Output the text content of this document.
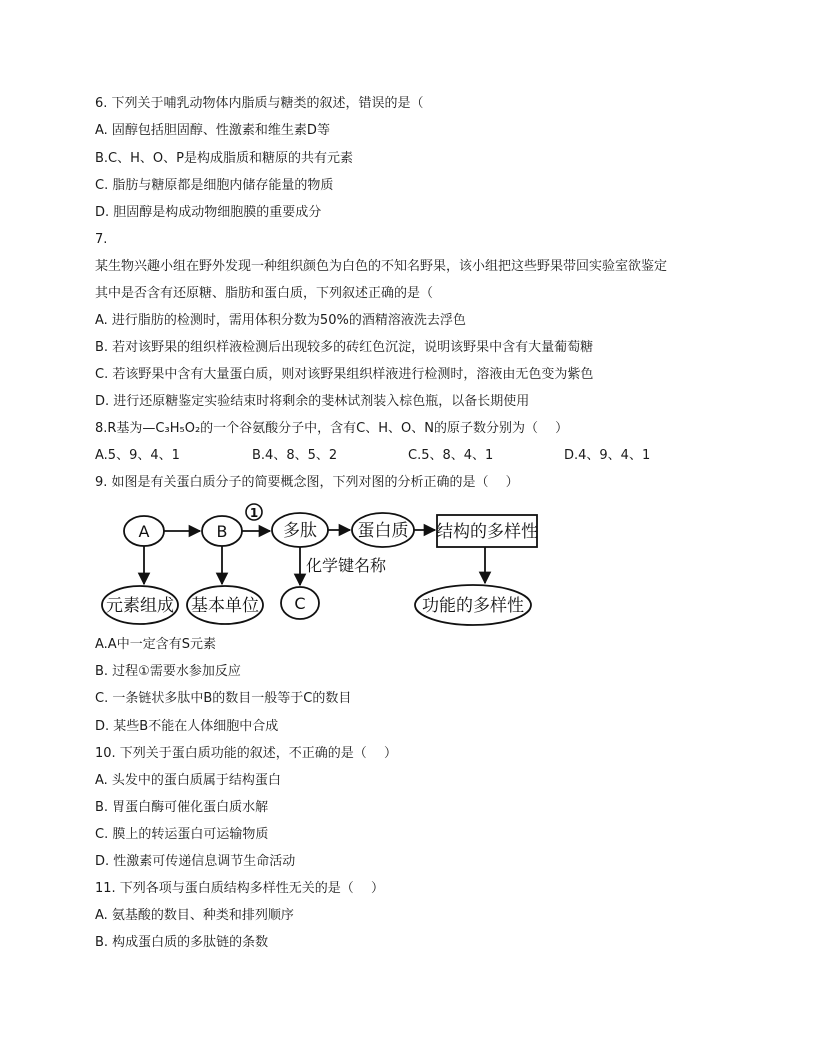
6. 下列关于哺乳动物体内脂质与糖类的叙述，错误的是（
A. 固醇包括胆固醇、性激素和维生素D等
B.C、H、O、P是构成脂质和糖原的共有元素
C. 脂肪与糖原都是细胞内储存能量的物质
D. 胆固醇是构成动物细胞膜的重要成分
7.
某生物兴趣小组在野外发现一种组织颜色为白色的不知名野果，该小组把这些野果带回实验室欲鉴定
其中是否含有还原糖、脂肪和蛋白质，下列叙述正确的是（
A. 进行脂肪的检测时，需用体积分数为50%的酒精溶液洗去浮色
B. 若对该野果的组织样液检测后出现较多的砖红色沉淀，说明该野果中含有大量葡萄糖
C. 若该野果中含有大量蛋白质，则对该野果组织样液进行检测时，溶液由无色变为紫色
D. 进行还原糖鉴定实验结束时将剩余的斐林试剂装入棕色瓶，以备长期使用
8.R基为—C₃H₅O₂的一个谷氨酸分子中，含有C、H、O、N的原子数分别为（　 ）
A.5、9、4、1	B.4、8、5、2	C.5、8、4、1	D.4、9、4、1
9. 如图是有关蛋白质分子的简要概念图，下列对图的分析正确的是（　 ）
A	B
1
多肽 蛋白质 结构的多样性
元素组成 基本单位 C
化学键名称
功能的多样性
A.A中一定含有S元素
B. 过程①需要水参加反应
C. 一条链状多肽中B的数目一般等于C的数目
D. 某些B不能在人体细胞中合成
10. 下列关于蛋白质功能的叙述，不正确的是（　 ）
A. 头发中的蛋白质属于结构蛋白
B. 胃蛋白酶可催化蛋白质水解
C. 膜上的转运蛋白可运输物质
D. 性激素可传递信息调节生命活动
11. 下列各项与蛋白质结构多样性无关的是（　 ）
A. 氨基酸的数目、种类和排列顺序
B. 构成蛋白质的多肽链的条数
